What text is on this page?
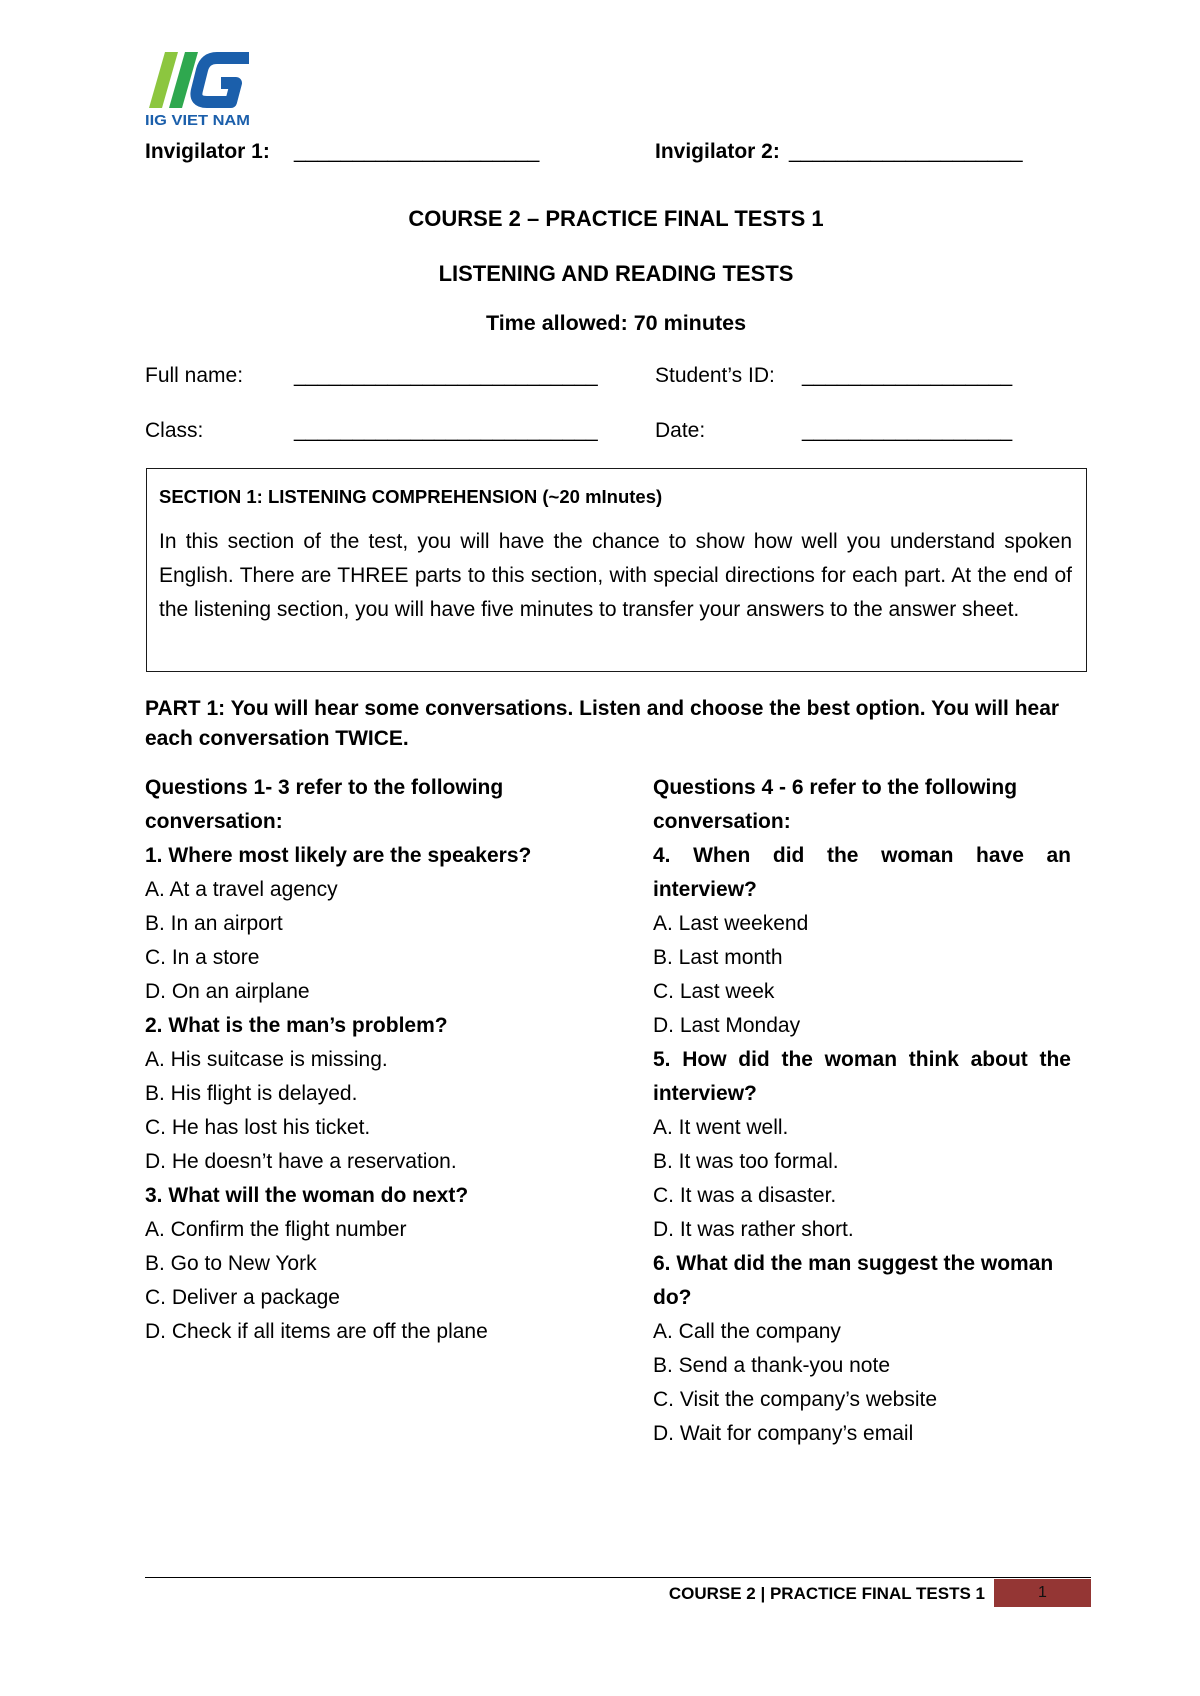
IIG VIET NAM
Invigilator 1: _____________________	Invigilator 2: ____________________
COURSE 2 – PRACTICE FINAL TESTS 1
LISTENING AND READING TESTS
Time allowed: 70 minutes
Full name: __________________________	Student’s ID: __________________
Class:	__________________________	Date:	__________________
SECTION 1: LISTENING COMPREHENSION (~20 mInutes)
In this section of the test, you will have the chance to show how well you understand spoken English. There are THREE parts to this section, with special directions for each part. At the end of the listening section, you will have five minutes to transfer your answers to the answer sheet.
PART 1: You will hear some conversations. Listen and choose the best option. You will hear each conversation TWICE.
Questions 1- 3 refer to the following conversation:
1. Where most likely are the speakers?
A. At a travel agency
B. In an airport
C. In a store
D. On an airplane
2. What is the man’s problem?
A. His suitcase is missing.
B. His flight is delayed.
C. He has lost his ticket.
D. He doesn’t have a reservation.
3. What will the woman do next?
A. Confirm the flight number
B. Go to New York
C. Deliver a package
D. Check if all items are off the plane
Questions 4 - 6 refer to the following conversation:
4. When did the woman have an interview?
A. Last weekend
B. Last month
C. Last week
D. Last Monday
5. How did the woman think about the interview?
A. It went well.
B. It was too formal.
C. It was a disaster.
D. It was rather short.
6. What did the man suggest the woman do?
A. Call the company
B. Send a thank-you note
C. Visit the company’s website
D. Wait for company’s email
COURSE 2 | PRACTICE FINAL TESTS 1	1
